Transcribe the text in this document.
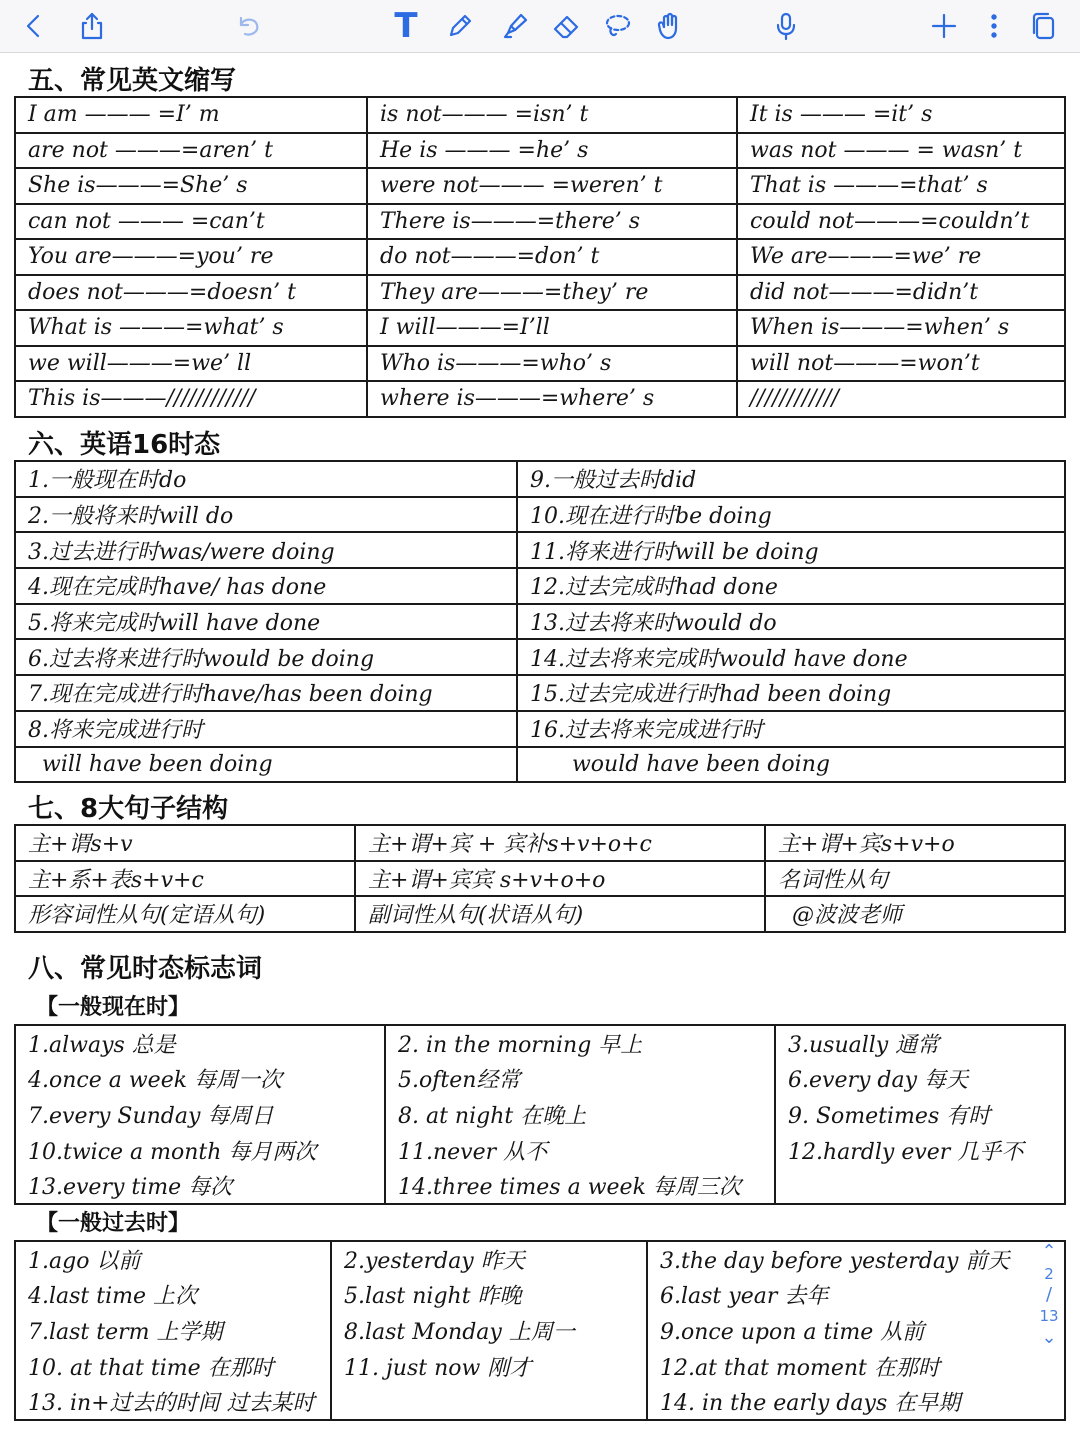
T
五、常见英文缩写
I am ——— =I’ m	is not——— =isn’ t	It is ——— =it’ s
are not ———=aren’ t	He is ——— =he’ s	was not ——— = wasn’ t
She is———=She’ s	were not——— =weren’ t	That is ———=that’ s
can not ——— =can’t	There is———=there’ s	could not———=couldn’t
You are———=you’ re	do not———=don’ t	We are———=we’ re
does not———=doesn’ t	They are———=they’ re	did not———=didn’t
What is ———=what’ s	I will———=I’ll	When is———=when’ s
we will———=we’ ll	Who is———=who’ s	will not———=won’t
This is———////////////	where is———=where’ s	////////////
六、英语16时态
1.一般现在时do	9.一般过去时did
2.一般将来时will do	10.现在进行时be doing
3.过去进行时was/were doing	11.将来进行时will be doing
4.现在完成时have/ has done	12.过去完成时had done
5.将来完成时will have done	13.过去将来时would do
6.过去将来进行时would be doing	14.过去将来完成时would have done
7.现在完成进行时have/has been doing	15.过去完成进行时had been doing
8.将来完成进行时	16.过去将来完成进行时
will have been doing	would have been doing
七、8大句子结构
主+谓s+v	主+谓+宾 + 宾补s+v+o+c	主+谓+宾s+v+o
主+系+表s+v+c	主+谓+宾宾 s+v+o+o	名词性从句
形容词性从句(定语从句)	副词性从句(状语从句)	@波波老师
八、常见时态标志词
【一般现在时】
1.always 总是	2. in the morning 早上	3.usually 通常
4.once a week 每周一次	5.often经常	6.every day 每天
7.every Sunday 每周日	8. at night 在晚上	9. Sometimes 有时
10.twice a month 每月两次	11.never 从不	12.hardly ever 几乎不
13.every time 每次	14.three times a week 每周三次	
【一般过去时】
1.ago 以前	2.yesterday 昨天	3.the day before yesterday 前天
4.last time 上次	5.last night 昨晚	6.last year 去年
7.last term 上学期	8.last Monday 上周一	9.once upon a time 从前
10. at that time 在那时	11. just now 刚才	12.at that moment 在那时
13. in+过去的时间 过去某时		14. in the early days 在早期
⌃
2
/
13
⌄
